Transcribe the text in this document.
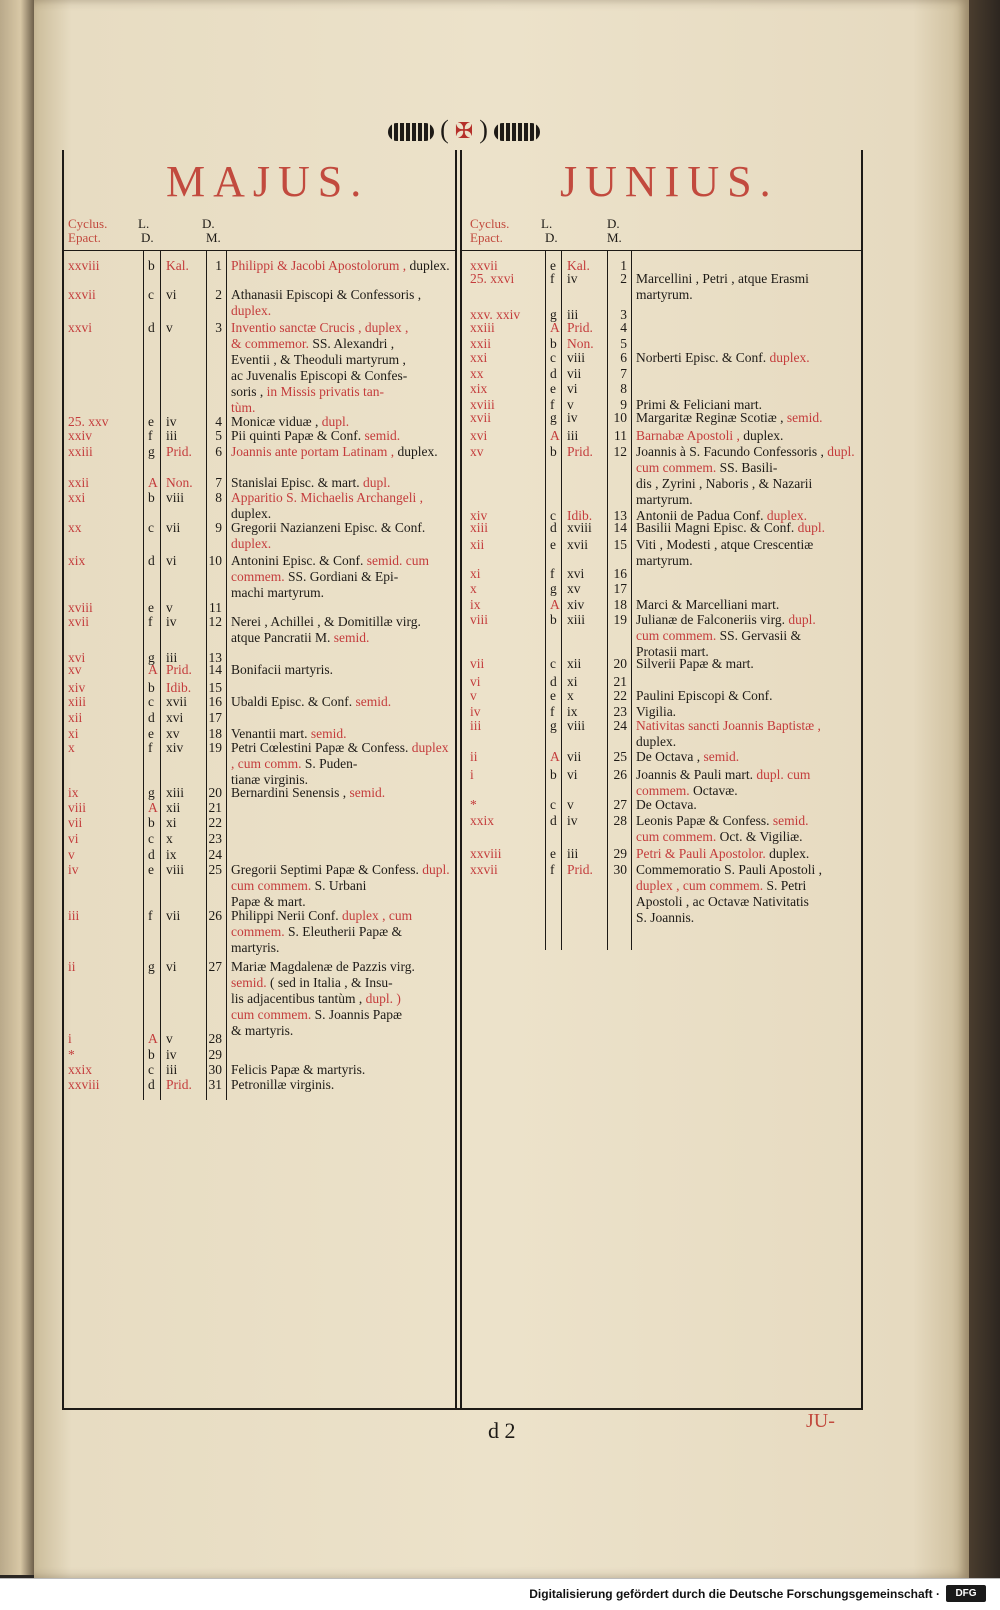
( ✠ )
MAJUS.	JUNIUS.
Cyclus.
Epact.
L.
D.
D.
M.
Cyclus.
Epact.
L.
D.
D.
M.
xxviii	b Kal.	1 Philippi & Jacobi Apostolorum , duplex.
xxvii	c vi	2 Athanasii Episcopi & Confessoris , duplex.
xxvi	d v	3 Inventio sanctæ Crucis , duplex ,
& commemor. SS. Alexandri ,
Eventii , & Theoduli martyrum ,
ac Juvenalis Episcopi & Confes-
soris , in Missis privatis tan-
tùm.
25. xxv	e iv	4 Monicæ viduæ , dupl.
xxiv	f iii	5 Pii quinti Papæ & Conf. semid.
xxiii	g Prid.	6 Joannis ante portam Latinam , duplex.
xxii	A Non.	7 Stanislai Episc. & mart. dupl.
xxi	b viii	8 Apparitio S. Michaelis Archangeli , duplex.
xx	c vii	9 Gregorii Nazianzeni Episc. & Conf. duplex.
xix	d vi 10 Antonini Episc. & Conf. semid. cum
commem. SS. Gordiani & Epi-
machi martyrum.
xviii	e v	11
xvii	f iv 12 Nerei , Achillei , & Domitillæ virg.
atque Pancratii M. semid.
xvi	g iii 13
xv	A Prid. 14 Bonifacii martyris.
xiv	b Idib. 15
xiii	c xvii 16 Ubaldi Episc. & Conf. semid.
xii	d xvi 17
xi	e xv 18 Venantii mart. semid.
x	f xiv 19 Petri Cœlestini Papæ & Confess. duplex , cum comm. S. Puden-
tianæ virginis.
ix	g xiii 20 Bernardini Senensis , semid.
viii	A xii 21
vii	b xi 22
vi	c x	23
v	d ix 24
iv	e viii 25 Gregorii Septimi Papæ & Confess. dupl. cum commem. S. Urbani
Papæ & mart.
iii	f vii 26 Philippi Nerii Conf. duplex , cum
commem. S. Eleutherii Papæ &
martyris.
ii	g vi 27 Mariæ Magdalenæ de Pazzis virg. semid. ( sed in Italia , & Insu-
lis adjacentibus tantùm , dupl. )
cum commem. S. Joannis Papæ
& martyris.
i	A v	28
*	b iv 29
xxix	c iii 30 Felicis Papæ & martyris.
xxviii	d Prid. 31 Petronillæ virginis.
xxvii	e Kal.	1
25. xxvi	f iv	2 Marcellini , Petri , atque Erasmi
martyrum.
xxv. xxiv g iii	3
xxiii	A Prid.	4
xxii	b Non.	5
xxi	c viii	6 Norberti Episc. & Conf. duplex.
xx	d vii	7
xix	e vi	8
xviii	f v	9 Primi & Feliciani mart.
xvii	g iv	10 Margaritæ Reginæ Scotiæ , semid.
xvi	A iii	11 Barnabæ Apostoli , duplex.
xv	b Prid. 12 Joannis à S. Facundo Confessoris , dupl. cum commem. SS. Basili-
dis , Zyrini , Naboris , & Nazarii
martyrum.
xiv	c Idib. 13 Antonii de Padua Conf. duplex.
xiii	d xviii 14 Basilii Magni Episc. & Conf. dupl.
xii	e xvii 15 Viti , Modesti , atque Crescentiæ
martyrum.
xi	f xvi 16
x	g xv 17
ix	A xiv 18 Marci & Marcelliani mart.
viii	b xiii 19 Julianæ de Falconeriis virg. dupl.
cum commem. SS. Gervasii &
Protasii mart.
vii	c xii 20 Silverii Papæ & mart.
vi	d xi	21
v	e x	22 Paulini Episcopi & Conf.
iv	f ix	23 Vigilia.
iii	g viii 24 Nativitas sancti Joannis Baptistæ , duplex.
ii	A vii 25 De Octava , semid.
i	b vi	26 Joannis & Pauli mart. dupl. cum
commem. Octavæ.
*	c v	27 De Octava.
xxix	d iv	28 Leonis Papæ & Confess. semid.
cum commem. Oct. & Vigiliæ.
xxviii	e iii	29 Petri & Pauli Apostolor. duplex.
xxvii	f Prid. 30 Commemoratio S. Pauli Apostoli , duplex , cum commem. S. Petri
Apostoli , ac Octavæ Nativitatis
S. Joannis.
d 2	JU-
Digitalisierung gefördert durch die Deutsche Forschungsgemeinschaft ·	DFG
